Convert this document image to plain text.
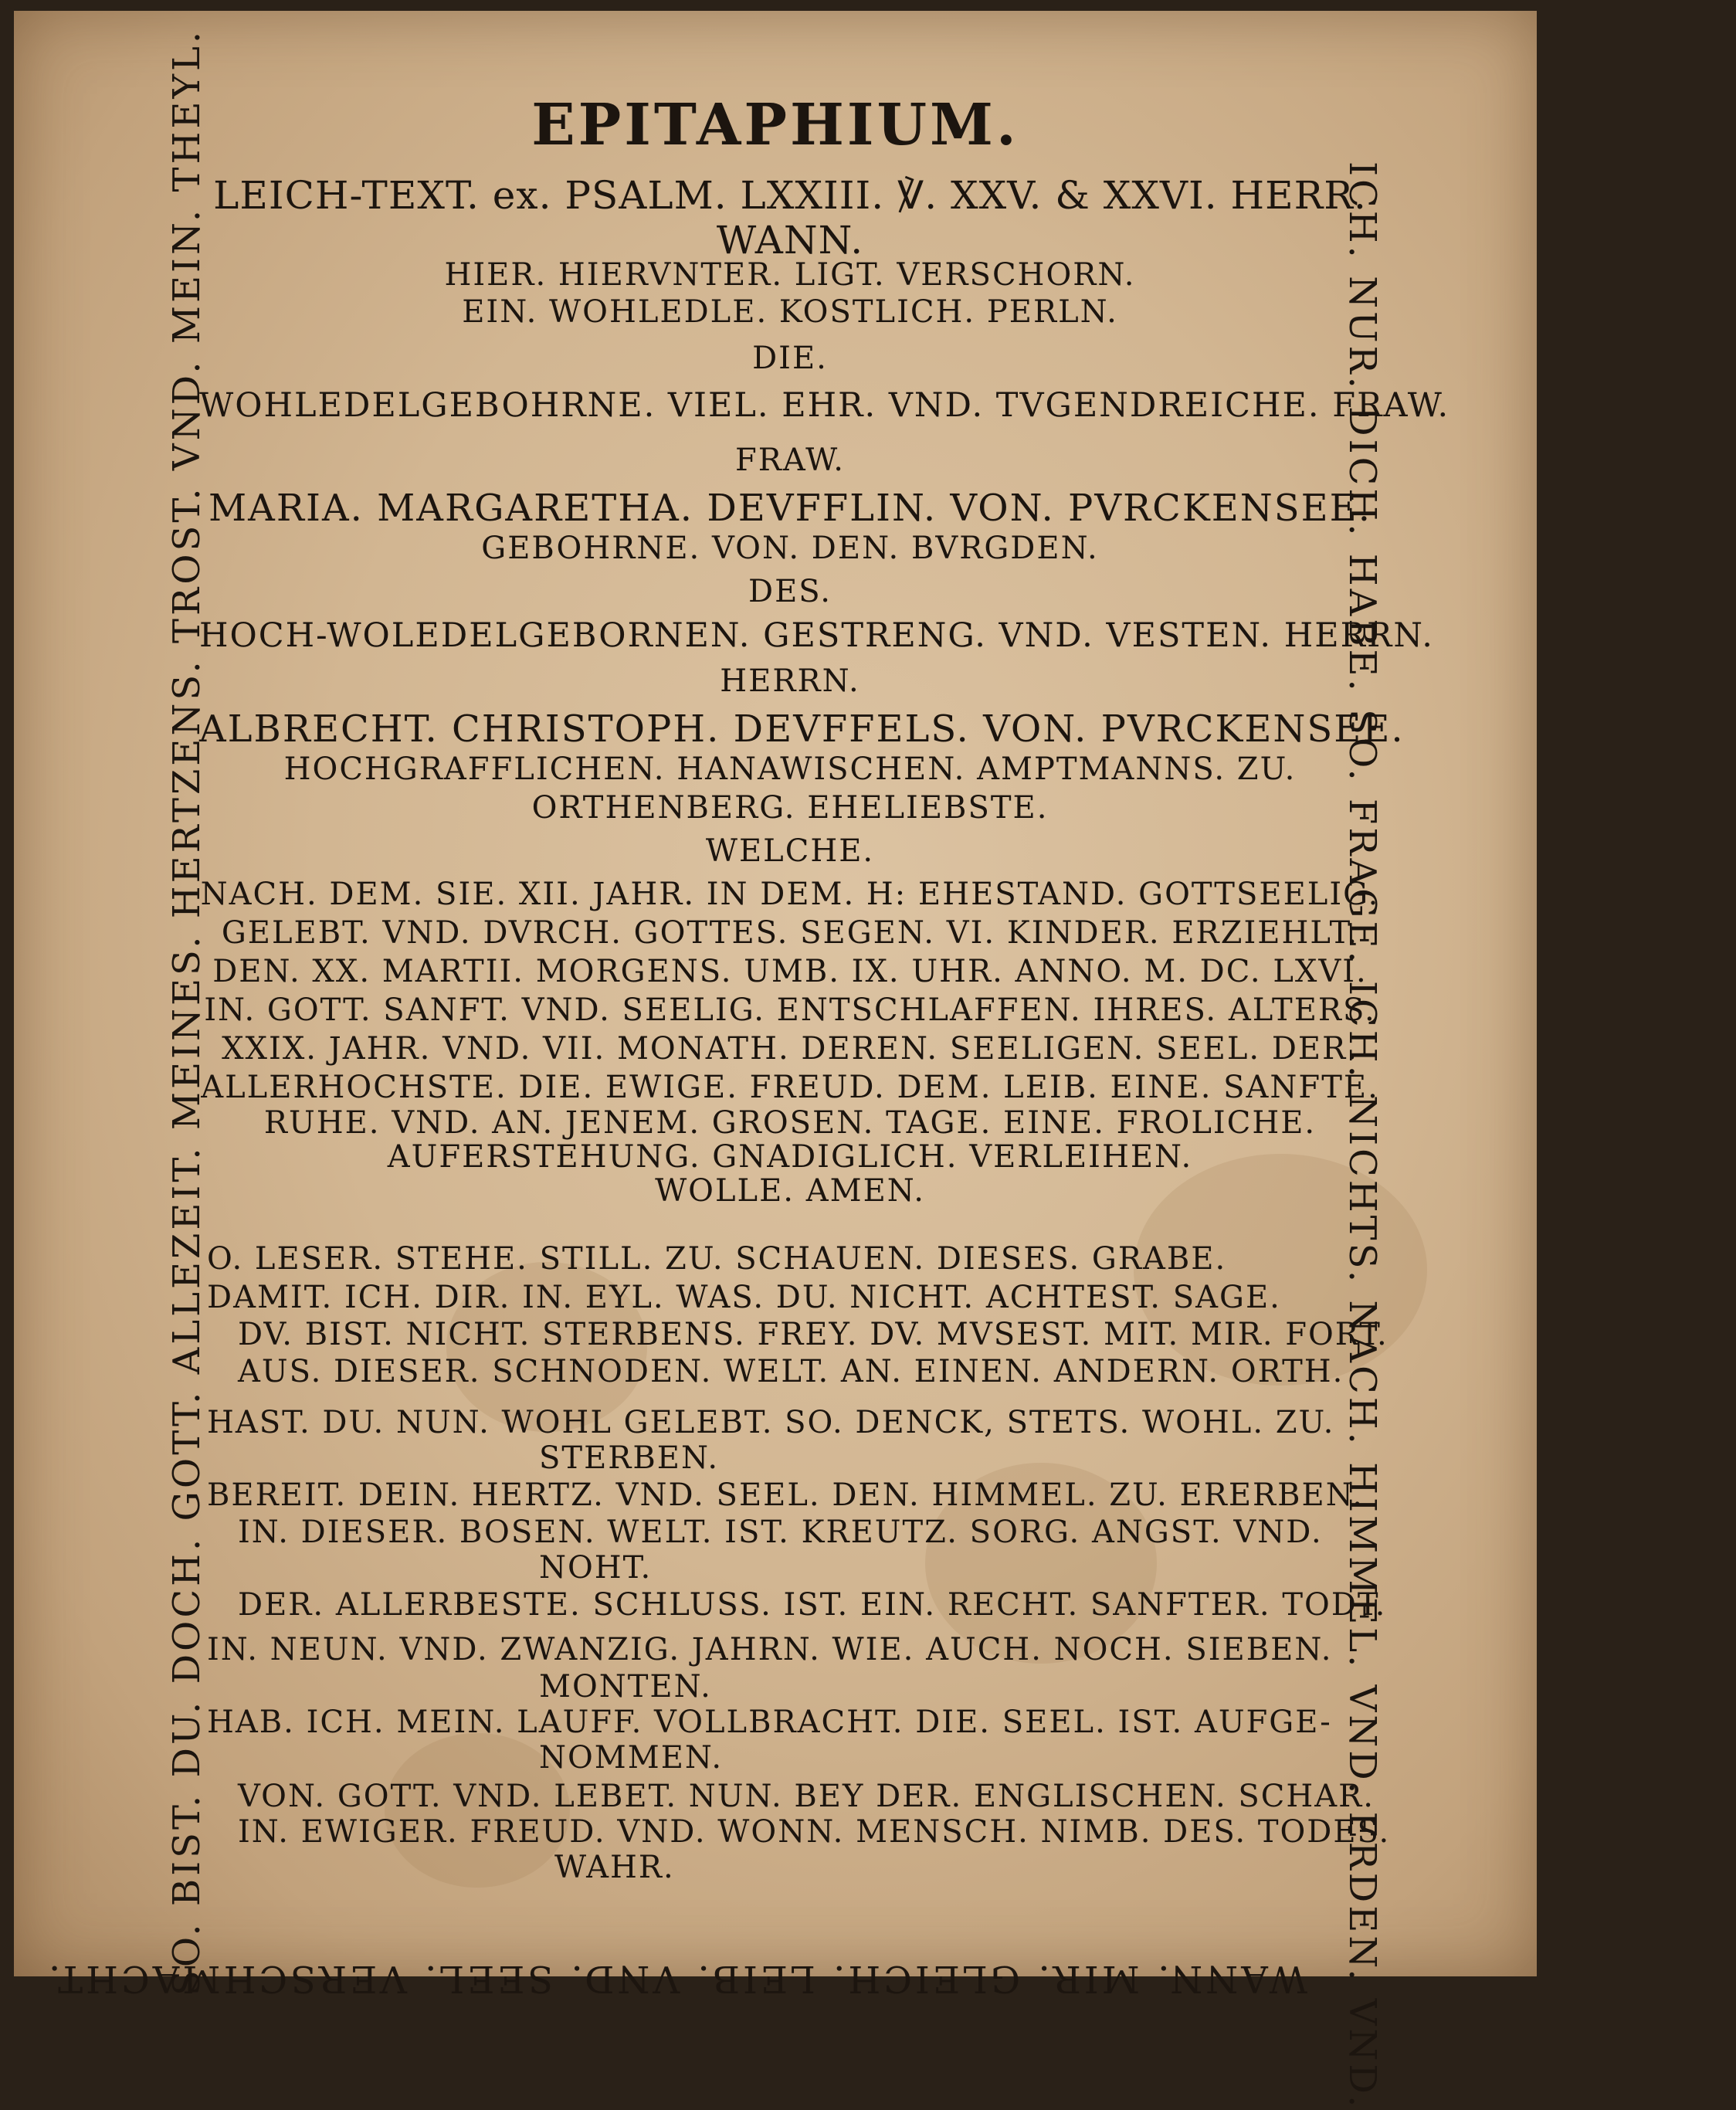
EPITAPHIUM.
LEICH-TEXT. ex. PSALM. LXXIII. ℣. XXV. & XXVI. HERR. WANN.
HIER. HIERVNTER. LIGT. VERSCHORN.
EIN. WOHLEDLE. KOSTLICH. PERLN.
DIE.
WOHLEDELGEBOHRNE. VIEL. EHR. VND. TVGENDREICHE. FRAW.
FRAW.
MARIA. MARGARETHA. DEVFFLIN. VON. PVRCKENSEE.
GEBOHRNE. VON. DEN. BVRGDEN.
DES.
HOCH-WOLEDELGEBORNEN. GESTRENG. VND. VESTEN. HERRN.
HERRN.
ALBRECHT. CHRISTOPH. DEVFFELS. VON. PVRCKENSEE.
HOCHGRAFFLICHEN. HANAWISCHEN. AMPTMANNS. ZU.
ORTHENBERG. EHELIEBSTE.
WELCHE.
NACH. DEM. SIE. XII. JAHR. IN DEM. H: EHESTAND. GOTTSEELIG.
GELEBT. VND. DVRCH. GOTTES. SEGEN. VI. KINDER. ERZIEHLT.
DEN. XX. MARTII. MORGENS. UMB. IX. UHR. ANNO. M. DC. LXVI.
IN. GOTT. SANFT. VND. SEELIG. ENTSCHLAFFEN. IHRES. ALTERS.
XXIX. JAHR. VND. VII. MONATH. DEREN. SEELIGEN. SEEL. DER.
ALLERHOCHSTE. DIE. EWIGE. FREUD. DEM. LEIB. EINE. SANFTE.
RUHE. VND. AN. JENEM. GROSEN. TAGE. EINE. FROLICHE.
AUFERSTEHUNG. GNADIGLICH. VERLEIHEN.
WOLLE. AMEN.
O. LESER. STEHE. STILL. ZU. SCHAUEN. DIESES. GRABE.
DAMIT. ICH. DIR. IN. EYL. WAS. DU. NICHT. ACHTEST. SAGE.
DV. BIST. NICHT. STERBENS. FREY. DV. MVSEST. MIT. MIR. FORT.
AUS. DIESER. SCHNODEN. WELT. AN. EINEN. ANDERN. ORTH.
HAST. DU. NUN. WOHL GELEBT. SO. DENCK, STETS. WOHL. ZU.
STERBEN.
BEREIT. DEIN. HERTZ. VND. SEEL. DEN. HIMMEL. ZU. ERERBEN.
IN. DIESER. BOSEN. WELT. IST. KREUTZ. SORG. ANGST. VND.
NOHT.
DER. ALLERBESTE. SCHLUSS. IST. EIN. RECHT. SANFTER. TODT.
IN. NEUN. VND. ZWANZIG. JAHRN. WIE. AUCH. NOCH. SIEBEN.
MONTEN.
HAB. ICH. MEIN. LAUFF. VOLLBRACHT. DIE. SEEL. IST. AUFGE-
NOMMEN.
VON. GOTT. VND. LEBET. NUN. BEY DER. ENGLISCHEN. SCHAR.
IN. EWIGER. FREUD. VND. WONN. MENSCH. NIMB. DES. TODES.
WAHR.
SO. BIST. DU. DOCH. GOTT. ALLEZEIT. MEINES. HERTZENS. TROST. VND. MEIN. THEYL.	ICH. NUR. DICH. HABE. SO. FRAGE. ICH. NICHTS. NACH. HIMMEL. VND. ERDEN. VND.
WANN. MIR. GLEICH. LEIB. VND. SEEL. VERSCHMACHT.
